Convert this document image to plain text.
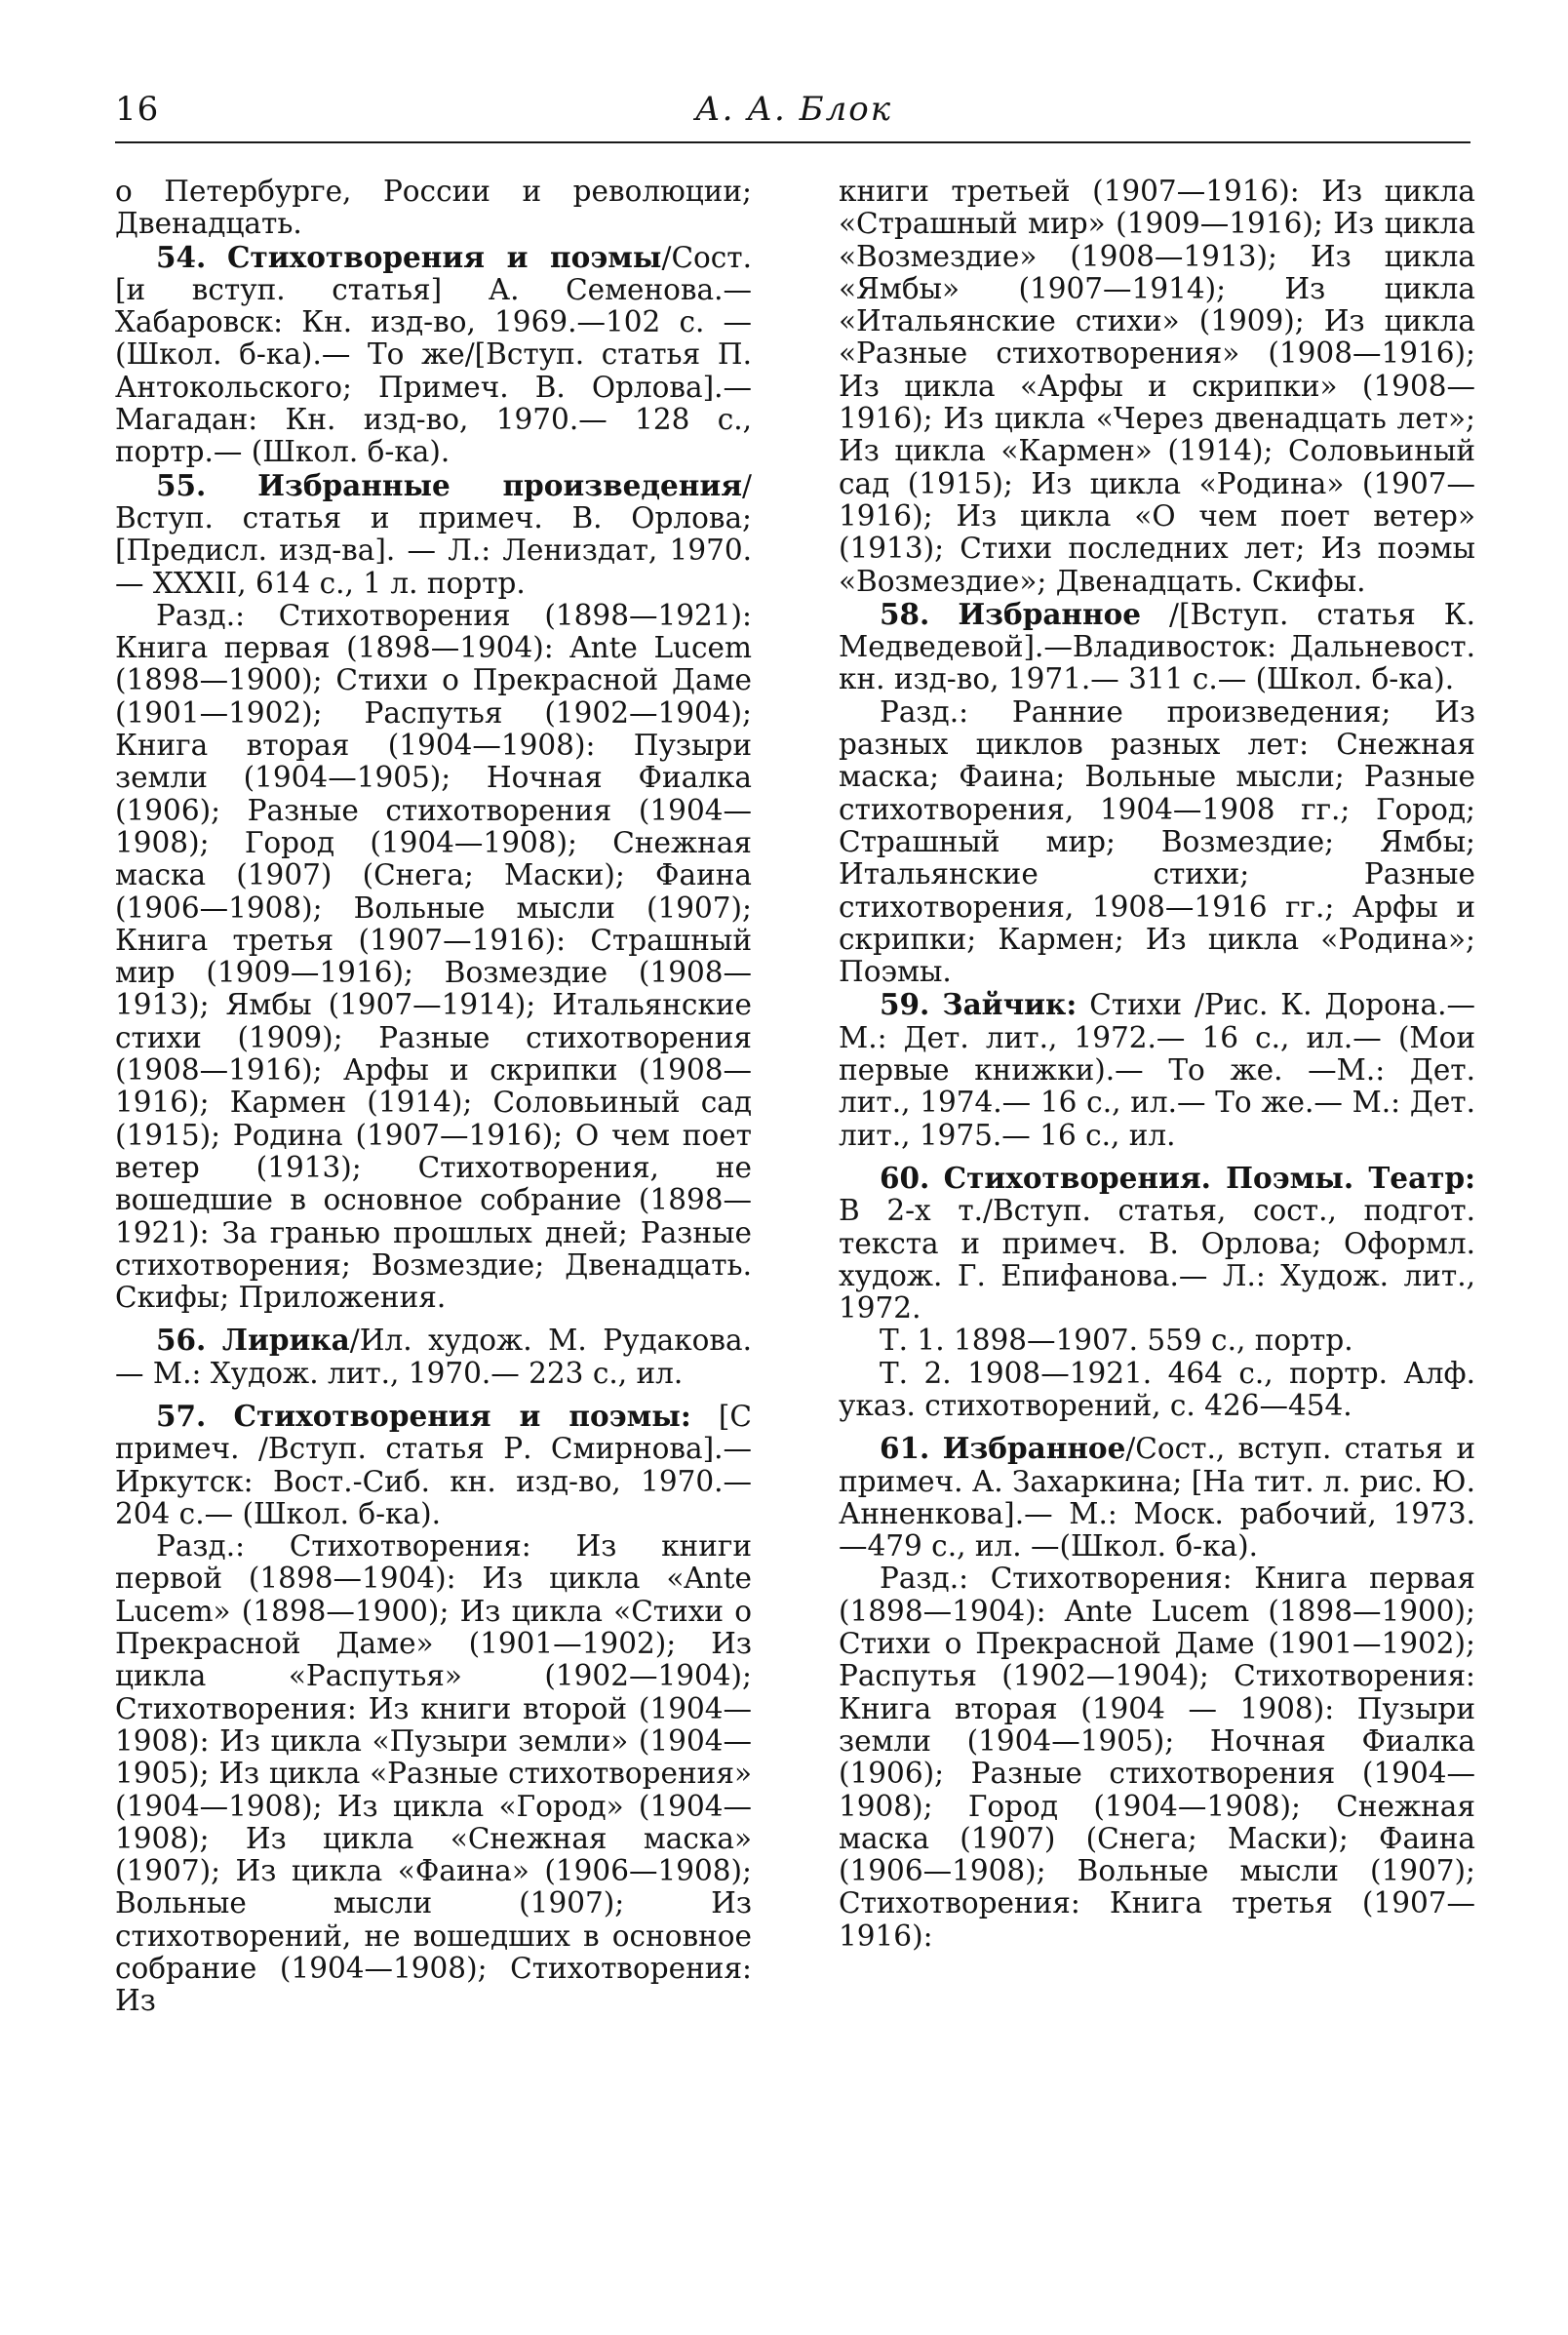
16	А. А. Блок

о Петербурге, России и революции; Двенадцать.

54. Стихотворения и поэмы/Сост. [и вступ. статья] А. Семенова.— Хабаровск: Кн. изд-во, 1969.—102 с. — (Школ. б-ка).— То же/[Вступ. статья П. Антокольского; Примеч. В. Орлова].—Магадан: Кн. изд-во, 1970.— 128 с., портр.— (Школ. б-ка).

55. Избранные произведения/Вступ. статья и примеч. В. Орлова; [Предисл. изд-ва]. — Л.: Лениздат, 1970. — XXXII, 614 с., 1 л. портр.

Разд.: Стихотворения (1898—1921): Книга первая (1898—1904): Ante Lucem (1898—1900); Стихи о Прекрасной Даме (1901—1902); Распутья (1902—1904); Книга вторая (1904—1908): Пузыри земли (1904—1905); Ночная Фиалка (1906); Разные стихотворения (1904—1908); Город (1904—1908); Снежная маска (1907) (Снега; Маски); Фаина (1906—1908); Вольные мысли (1907); Книга третья (1907—1916): Страшный мир (1909—1916); Возмездие (1908—1913); Ямбы (1907—1914); Итальянские стихи (1909); Разные стихотворения (1908—1916); Арфы и скрипки (1908—1916); Кармен (1914); Соловьиный сад (1915); Родина (1907—1916); О чем поет ветер (1913); Стихотворения, не вошедшие в основное собрание (1898—1921): За гранью прошлых дней; Разные стихотворения; Возмездие; Двенадцать. Скифы; Приложения.

56. Лирика/Ил. худож. М. Рудакова.— М.: Худож. лит., 1970.— 223 с., ил.

57. Стихотворения и поэмы: [С примеч. /Вступ. статья Р. Смирнова].— Иркутск: Вост.-Сиб. кн. изд-во, 1970.— 204 с.— (Школ. б-ка).

Разд.: Стихотворения: Из книги первой (1898—1904): Из цикла «Ante Lucem» (1898—1900); Из цикла «Стихи о Прекрасной Даме» (1901—1902); Из цикла «Распутья» (1902—1904); Стихотворения: Из книги второй (1904—1908): Из цикла «Пузыри земли» (1904—1905); Из цикла «Разные стихотворения» (1904—1908); Из цикла «Город» (1904—1908); Из цикла «Снежная маска» (1907); Из цикла «Фаина» (1906—1908); Вольные мысли (1907); Из стихотворений, не вошедших в основное собрание (1904—1908); Стихотворения: Из

книги третьей (1907—1916): Из цикла «Страшный мир» (1909—1916); Из цикла «Возмездие» (1908—1913); Из цикла «Ямбы» (1907—1914); Из цикла «Итальянские стихи» (1909); Из цикла «Разные стихотворения» (1908—1916); Из цикла «Арфы и скрипки» (1908—1916); Из цикла «Через двенадцать лет»; Из цикла «Кармен» (1914); Соловьиный сад (1915); Из цикла «Родина» (1907—1916); Из цикла «О чем поет ветер» (1913); Стихи последних лет; Из поэмы «Возмездие»; Двенадцать. Скифы.

58. Избранное /[Вступ. статья К. Медведевой].—Владивосток: Дальневост. кн. изд-во, 1971.— 311 с.— (Школ. б-ка).

Разд.: Ранние произведения; Из разных циклов разных лет: Снежная маска; Фаина; Вольные мысли; Разные стихотворения, 1904—1908 гг.; Город; Страшный мир; Возмездие; Ямбы; Итальянские стихи; Разные стихотворения, 1908—1916 гг.; Арфы и скрипки; Кармен; Из цикла «Родина»; Поэмы.

59. Зайчик: Стихи /Рис. К. Дорона.— М.: Дет. лит., 1972.— 16 с., ил.— (Мои первые книжки).— То же. —М.: Дет. лит., 1974.— 16 с., ил.— То же.— М.: Дет. лит., 1975.— 16 с., ил.

60. Стихотворения. Поэмы. Театр: В 2-х т./Вступ. статья, сост., подгот. текста и примеч. В. Орлова; Оформл. худож. Г. Епифанова.— Л.: Худож. лит., 1972.

Т. 1. 1898—1907. 559 с., портр.

Т. 2. 1908—1921. 464 с., портр. Алф. указ. стихотворений, с. 426—454.

61. Избранное/Сост., вступ. статья и примеч. А. Захаркина; [На тит. л. рис. Ю. Анненкова].— М.: Моск. рабочий, 1973. —479 с., ил. —(Школ. б-ка).

Разд.: Стихотворения: Книга первая (1898—1904): Ante Lucem (1898—1900); Стихи о Прекрасной Даме (1901—1902); Распутья (1902—1904); Стихотворения: Книга вторая (1904 — 1908): Пузыри земли (1904—1905); Ночная Фиалка (1906); Разные стихотворения (1904—1908); Город (1904—1908); Снежная маска (1907) (Снега; Маски); Фаина (1906—1908); Вольные мысли (1907); Стихотворения: Книга третья (1907—1916):
